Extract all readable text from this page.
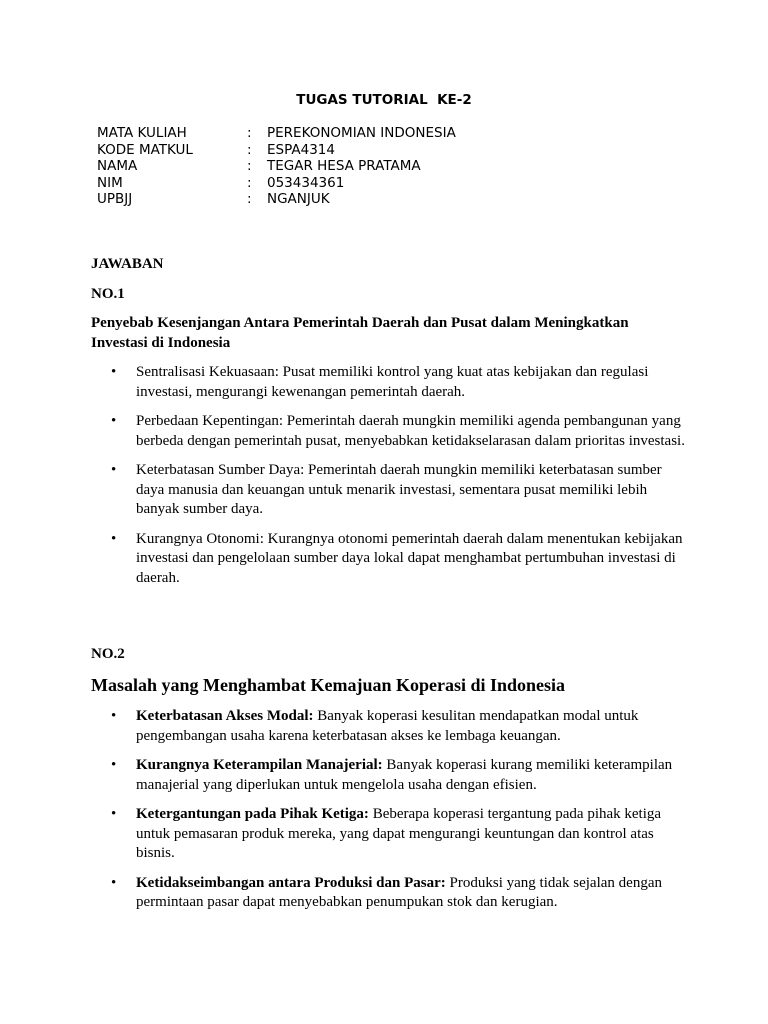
TUGAS TUTORIAL  KE-2
MATA KULIAH	:	PEREKONOMIAN INDONESIA
KODE MATKUL	:	ESPA4314
NAMA	:	TEGAR HESA PRATAMA
NIM	:	053434361
UPBJJ	:	NGANJUK
JAWABAN
NO.1
Penyebab Kesenjangan Antara Pemerintah Daerah dan Pusat dalam Meningkatkan Investasi di Indonesia
• Sentralisasi Kekuasaan: Pusat memiliki kontrol yang kuat atas kebijakan dan regulasi investasi, mengurangi kewenangan pemerintah daerah.
• Perbedaan Kepentingan: Pemerintah daerah mungkin memiliki agenda pembangunan yang berbeda dengan pemerintah pusat, menyebabkan ketidakselarasan dalam prioritas investasi.
• Keterbatasan Sumber Daya: Pemerintah daerah mungkin memiliki keterbatasan sumber daya manusia dan keuangan untuk menarik investasi, sementara pusat memiliki lebih banyak sumber daya.
• Kurangnya Otonomi: Kurangnya otonomi pemerintah daerah dalam menentukan kebijakan investasi dan pengelolaan sumber daya lokal dapat menghambat pertumbuhan investasi di daerah.
NO.2
Masalah yang Menghambat Kemajuan Koperasi di Indonesia
• Keterbatasan Akses Modal: Banyak koperasi kesulitan mendapatkan modal untuk pengembangan usaha karena keterbatasan akses ke lembaga keuangan.
• Kurangnya Keterampilan Manajerial: Banyak koperasi kurang memiliki keterampilan manajerial yang diperlukan untuk mengelola usaha dengan efisien.
• Ketergantungan pada Pihak Ketiga: Beberapa koperasi tergantung pada pihak ketiga untuk pemasaran produk mereka, yang dapat mengurangi keuntungan dan kontrol atas bisnis.
• Ketidakseimbangan antara Produksi dan Pasar: Produksi yang tidak sejalan dengan permintaan pasar dapat menyebabkan penumpukan stok dan kerugian.
